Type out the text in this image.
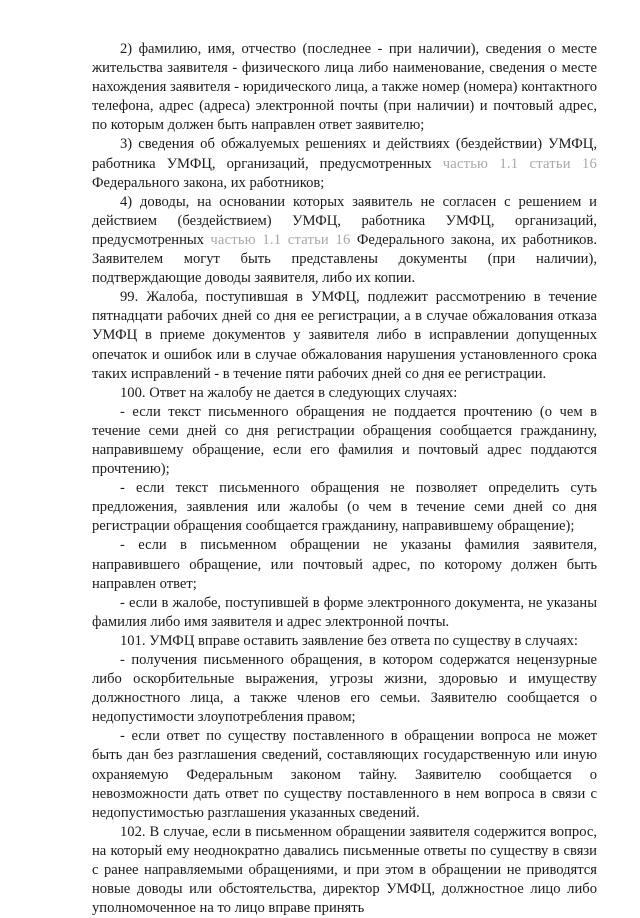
2) фамилию, имя, отчество (последнее - при наличии), сведения о месте жительства заявителя - физического лица либо наименование, сведения о месте нахождения заявителя - юридического лица, а также номер (номера) контактного телефона, адрес (адреса) электронной почты (при наличии) и почтовый адрес, по которым должен быть направлен ответ заявителю;

3) сведения об обжалуемых решениях и действиях (бездействии) УМФЦ, работника УМФЦ, организаций, предусмотренных частью 1.1 статьи 16 Федерального закона, их работников;

4) доводы, на основании которых заявитель не согласен с решением и действием (бездействием) УМФЦ, работника УМФЦ, организаций, предусмотренных частью 1.1 статьи 16 Федерального закона, их работников. Заявителем могут быть представлены документы (при наличии), подтверждающие доводы заявителя, либо их копии.

99. Жалоба, поступившая в УМФЦ, подлежит рассмотрению в течение пятнадцати рабочих дней со дня ее регистрации, а в случае обжалования отказа УМФЦ в приеме документов у заявителя либо в исправлении допущенных опечаток и ошибок или в случае обжалования нарушения установленного срока таких исправлений - в течение пяти рабочих дней со дня ее регистрации.

100. Ответ на жалобу не дается в следующих случаях:

- если текст письменного обращения не поддается прочтению (о чем в течение семи дней со дня регистрации обращения сообщается гражданину, направившему обращение, если его фамилия и почтовый адрес поддаются прочтению);

- если текст письменного обращения не позволяет определить суть предложения, заявления или жалобы (о чем в течение семи дней со дня регистрации обращения сообщается гражданину, направившему обращение);

- если в письменном обращении не указаны фамилия заявителя, направившего обращение, или почтовый адрес, по которому должен быть направлен ответ;

- если в жалобе, поступившей в форме электронного документа, не указаны фамилия либо имя заявителя и адрес электронной почты.

101. УМФЦ вправе оставить заявление без ответа по существу в случаях:

- получения письменного обращения, в котором содержатся нецензурные либо оскорбительные выражения, угрозы жизни, здоровью и имуществу должностного лица, а также членов его семьи. Заявителю сообщается о недопустимости злоупотребления правом;

- если ответ по существу поставленного в обращении вопроса не может быть дан без разглашения сведений, составляющих государственную или иную охраняемую Федеральным законом тайну. Заявителю сообщается о невозможности дать ответ по существу поставленного в нем вопроса в связи с недопустимостью разглашения указанных сведений.

102. В случае, если в письменном обращении заявителя содержится вопрос, на который ему неоднократно давались письменные ответы по существу в связи с ранее направляемыми обращениями, и при этом в обращении не приводятся новые доводы или обстоятельства, директор УМФЦ, должностное лицо либо уполномоченное на то лицо вправе принять
